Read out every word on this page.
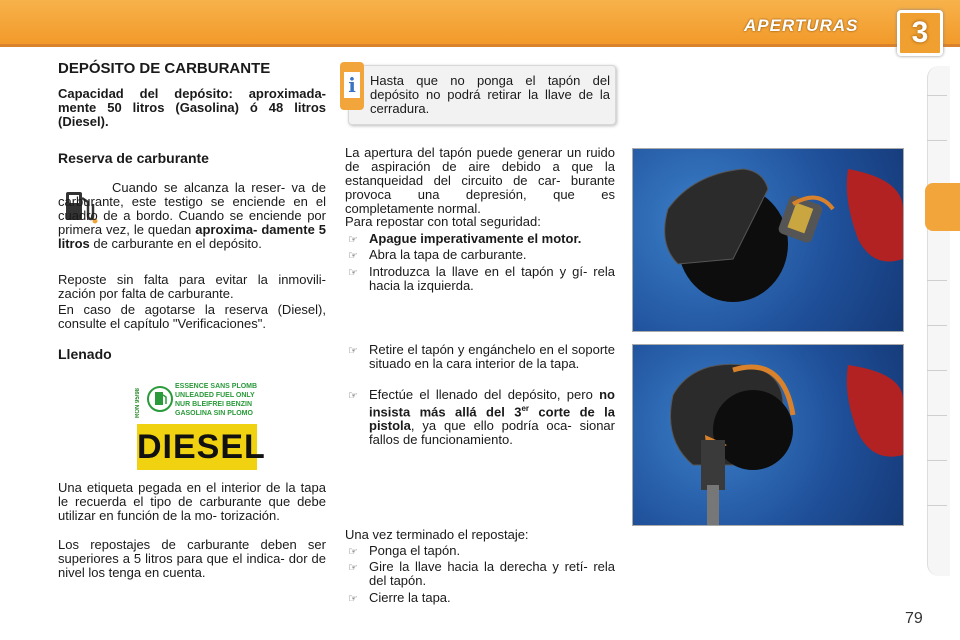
APERTURAS	3
DEPÓSITO DE CARBURANTE
Capacidad del depósito: aproximada- mente 50 litros (Gasolina) ó 48 litros (Diesel).
Reserva de carburante
Cuando se alcanza la reser- va de carburante, este testigo se enciende en el cuadro de a bordo. Cuando se enciende por primera vez, le quedan aproxima- damente 5 litros de carburante en el depósito.
Reposte sin falta para evitar la inmovili- zación por falta de carburante.
En caso de agotarse la reserva (Diesel), consulte el capítulo "Verificaciones".
Llenado
RON 95/98
ESSENCE SANS PLOMB
UNLEADED FUEL ONLY
NUR BLEIFREI BENZIN
GASOLINA SIN PLOMO
DIESEL
Una etiqueta pegada en el interior de la tapa le recuerda el tipo de carburante que debe utilizar en función de la mo- torización.
Los repostajes de carburante deben ser superiores a 5 litros para que el indica- dor de nivel los tenga en cuenta.
i	Hasta que no ponga el tapón del depósito no podrá retirar la llave de la cerradura.
La apertura del tapón puede generar un ruido de aspiración de aire debido a que la estanqueidad del circuito de car- burante provoca una depresión, que es completamente normal.
Para repostar con total seguridad:
☞ Apague imperativamente el motor.
☞ Abra la tapa de carburante.
☞ Introduzca la llave en el tapón y gí- rela hacia la izquierda.
☞ Retire el tapón y engánchelo en el soporte situado en la cara interior de la tapa.
☞ Efectúe el llenado del depósito, pero no insista más allá del 3er corte de la pistola, ya que ello podría oca- sionar fallos de funcionamiento.
Una vez terminado el repostaje:
☞ Ponga el tapón.
☞ Gire la llave hacia la derecha y retí- rela del tapón.
☞ Cierre la tapa.
79
